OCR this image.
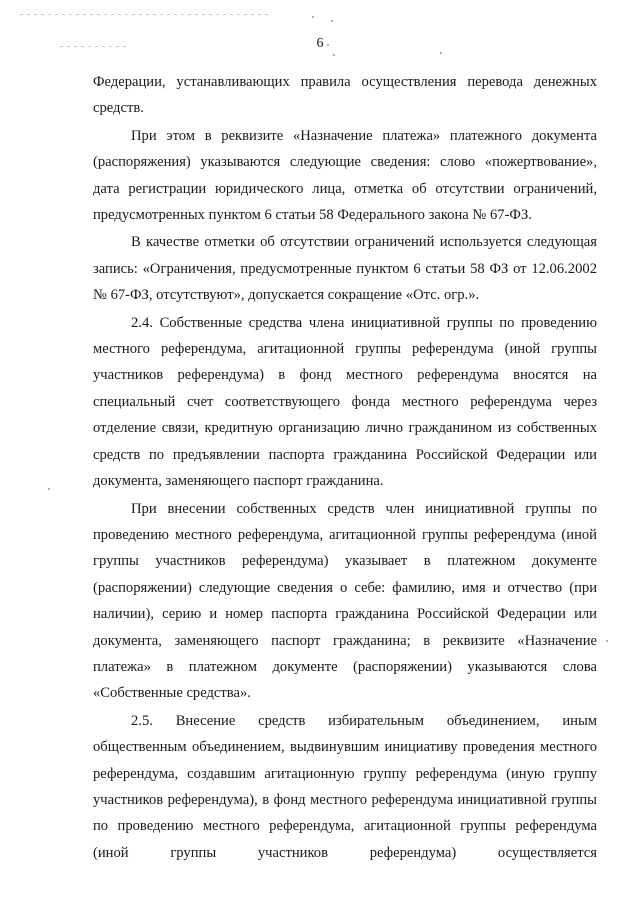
6

Федерации, устанавливающих правила осуществления перевода денежных средств.

При этом в реквизите «Назначение платежа» платежного документа (распоряжения) указываются следующие сведения: слово «пожертвование», дата регистрации юридического лица, отметка об отсутствии ограничений, предусмотренных пунктом 6 статьи 58 Федерального закона № 67-ФЗ.

В качестве отметки об отсутствии ограничений используется следующая запись: «Ограничения, предусмотренные пунктом 6 статьи 58 ФЗ от 12.06.2002 № 67-ФЗ, отсутствуют», допускается сокращение «Отс. огр.».

2.4. Собственные средства члена инициативной группы по проведению местного референдума, агитационной группы референдума (иной группы участников референдума) в фонд местного референдума вносятся на специальный счет соответствующего фонда местного референдума через отделение связи, кредитную организацию лично гражданином из собственных средств по предъявлении паспорта гражданина Российской Федерации или документа, заменяющего паспорт гражданина.

При внесении собственных средств член инициативной группы по проведению местного референдума, агитационной группы референдума (иной группы участников референдума) указывает в платежном документе (распоряжении) следующие сведения о себе: фамилию, имя и отчество (при наличии), серию и номер паспорта гражданина Российской Федерации или документа, заменяющего паспорт гражданина; в реквизите «Назначение платежа» в платежном документе (распоряжении) указываются слова «Собственные средства».

2.5. Внесение средств избирательным объединением, иным общественным объединением, выдвинувшим инициативу проведения местного референдума, создавшим агитационную группу референдума (иную группу участников референдума), в фонд местного референдума инициативной группы по проведению местного референдума, агитационной группы референдума (иной группы участников референдума) осуществляется
